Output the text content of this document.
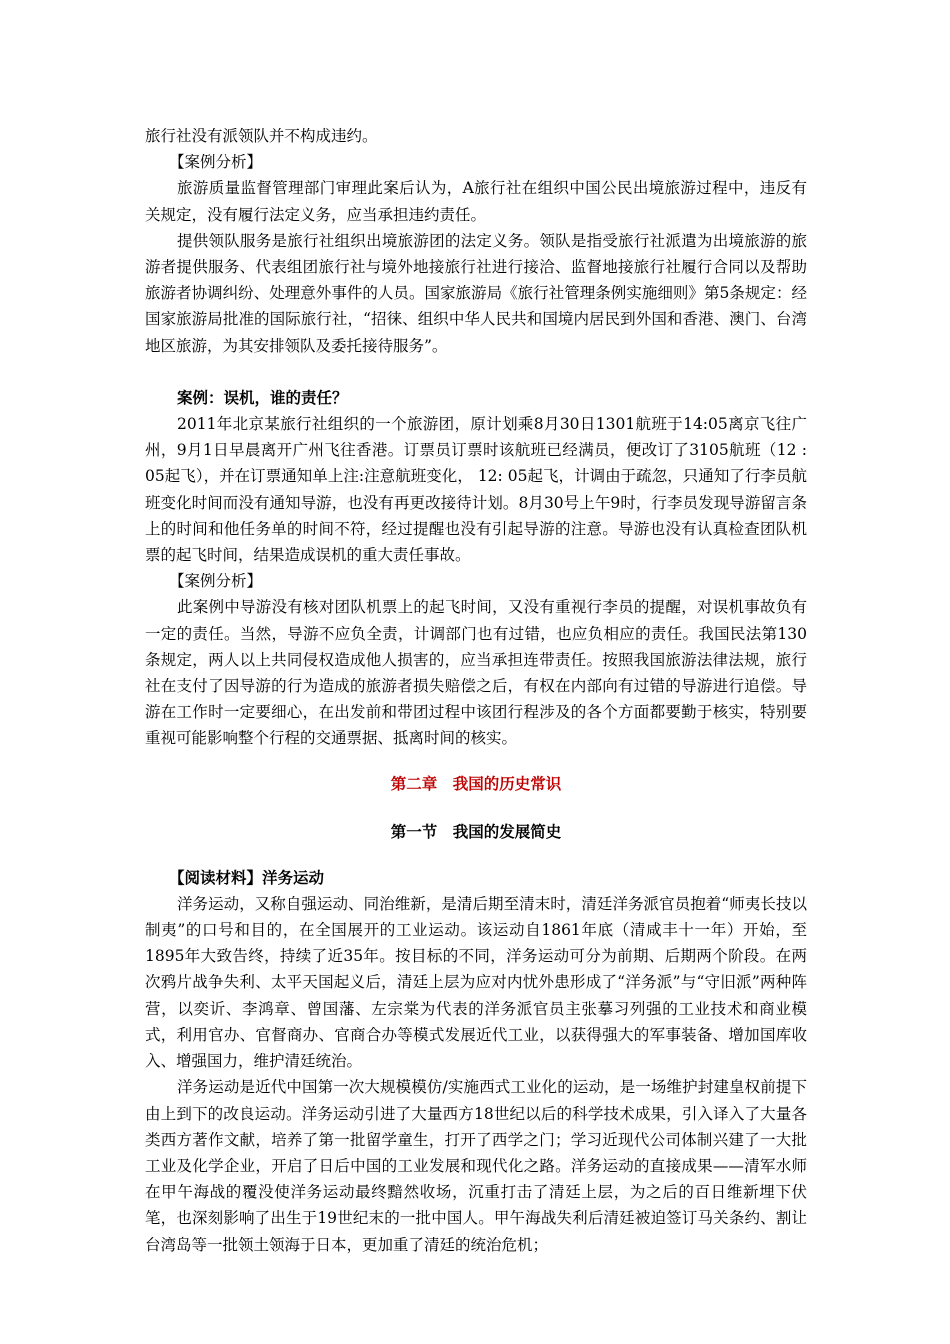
旅行社没有派领队并不构成违约。

【案例分析】

旅游质量监督管理部门审理此案后认为，A旅行社在组织中国公民出境旅游过程中，违反有关规定，没有履行法定义务，应当承担违约责任。

提供领队服务是旅行社组织出境旅游团的法定义务。领队是指受旅行社派遣为出境旅游的旅游者提供服务、代表组团旅行社与境外地接旅行社进行接洽、监督地接旅行社履行合同以及帮助旅游者协调纠纷、处理意外事件的人员。国家旅游局《旅行社管理条例实施细则》第5条规定：经国家旅游局批准的国际旅行社，“招徕、组织中华人民共和国境内居民到外国和香港、澳门、台湾地区旅游，为其安排领队及委托接待服务”。

案例：误机，谁的责任？

2011年北京某旅行社组织的一个旅游团，原计划乘8月30日1301航班于14:05离京飞往广州，9月1日早晨离开广州飞往香港。订票员订票时该航班已经满员，便改订了3105航班（12 : 05起飞），并在订票通知单上注:注意航班变化， 12: 05起飞，计调由于疏忽，只通知了行李员航班变化时间而没有通知导游，也没有再更改接待计划。8月30号上午9时，行李员发现导游留言条上的时间和他任务单的时间不符，经过提醒也没有引起导游的注意。导游也没有认真检查团队机票的起飞时间，结果造成误机的重大责任事故。

【案例分析】

此案例中导游没有核对团队机票上的起飞时间，又没有重视行李员的提醒，对误机事故负有一定的责任。当然，导游不应负全责，计调部门也有过错，也应负相应的责任。我国民法第130条规定，两人以上共同侵权造成他人损害的，应当承担连带责任。按照我国旅游法律法规，旅行社在支付了因导游的行为造成的旅游者损失赔偿之后，有权在内部向有过错的导游进行追偿。导游在工作时一定要细心，在出发前和带团过程中该团行程涉及的各个方面都要勤于核实，特别要重视可能影响整个行程的交通票据、抵离时间的核实。

第二章　我国的历史常识

第一节　我国的发展简史

【阅读材料】洋务运动

洋务运动，又称自强运动、同治维新，是清后期至清末时，清廷洋务派官员抱着“师夷长技以制夷”的口号和目的，在全国展开的工业运动。该运动自1861年底（清咸丰十一年）开始，至1895年大致告终，持续了近35年。按目标的不同，洋务运动可分为前期、后期两个阶段。在两次鸦片战争失利、太平天国起义后，清廷上层为应对内忧外患形成了“洋务派”与“守旧派”两种阵营，以奕䜣、李鸿章、曾国藩、左宗棠为代表的洋务派官员主张摹习列强的工业技术和商业模式，利用官办、官督商办、官商合办等模式发展近代工业，以获得强大的军事装备、增加国库收入、增强国力，维护清廷统治。

洋务运动是近代中国第一次大规模模仿/实施西式工业化的运动，是一场维护封建皇权前提下由上到下的改良运动。洋务运动引进了大量西方18世纪以后的科学技术成果，引入译入了大量各类西方著作文献，培养了第一批留学童生，打开了西学之门；学习近现代公司体制兴建了一大批工业及化学企业，开启了日后中国的工业发展和现代化之路。洋务运动的直接成果——清军水师在甲午海战的覆没使洋务运动最终黯然收场，沉重打击了清廷上层，为之后的百日维新埋下伏笔，也深刻影响了出生于19世纪末的一批中国人。甲午海战失利后清廷被迫签订马关条约、割让台湾岛等一批领土领海于日本，更加重了清廷的统治危机；
